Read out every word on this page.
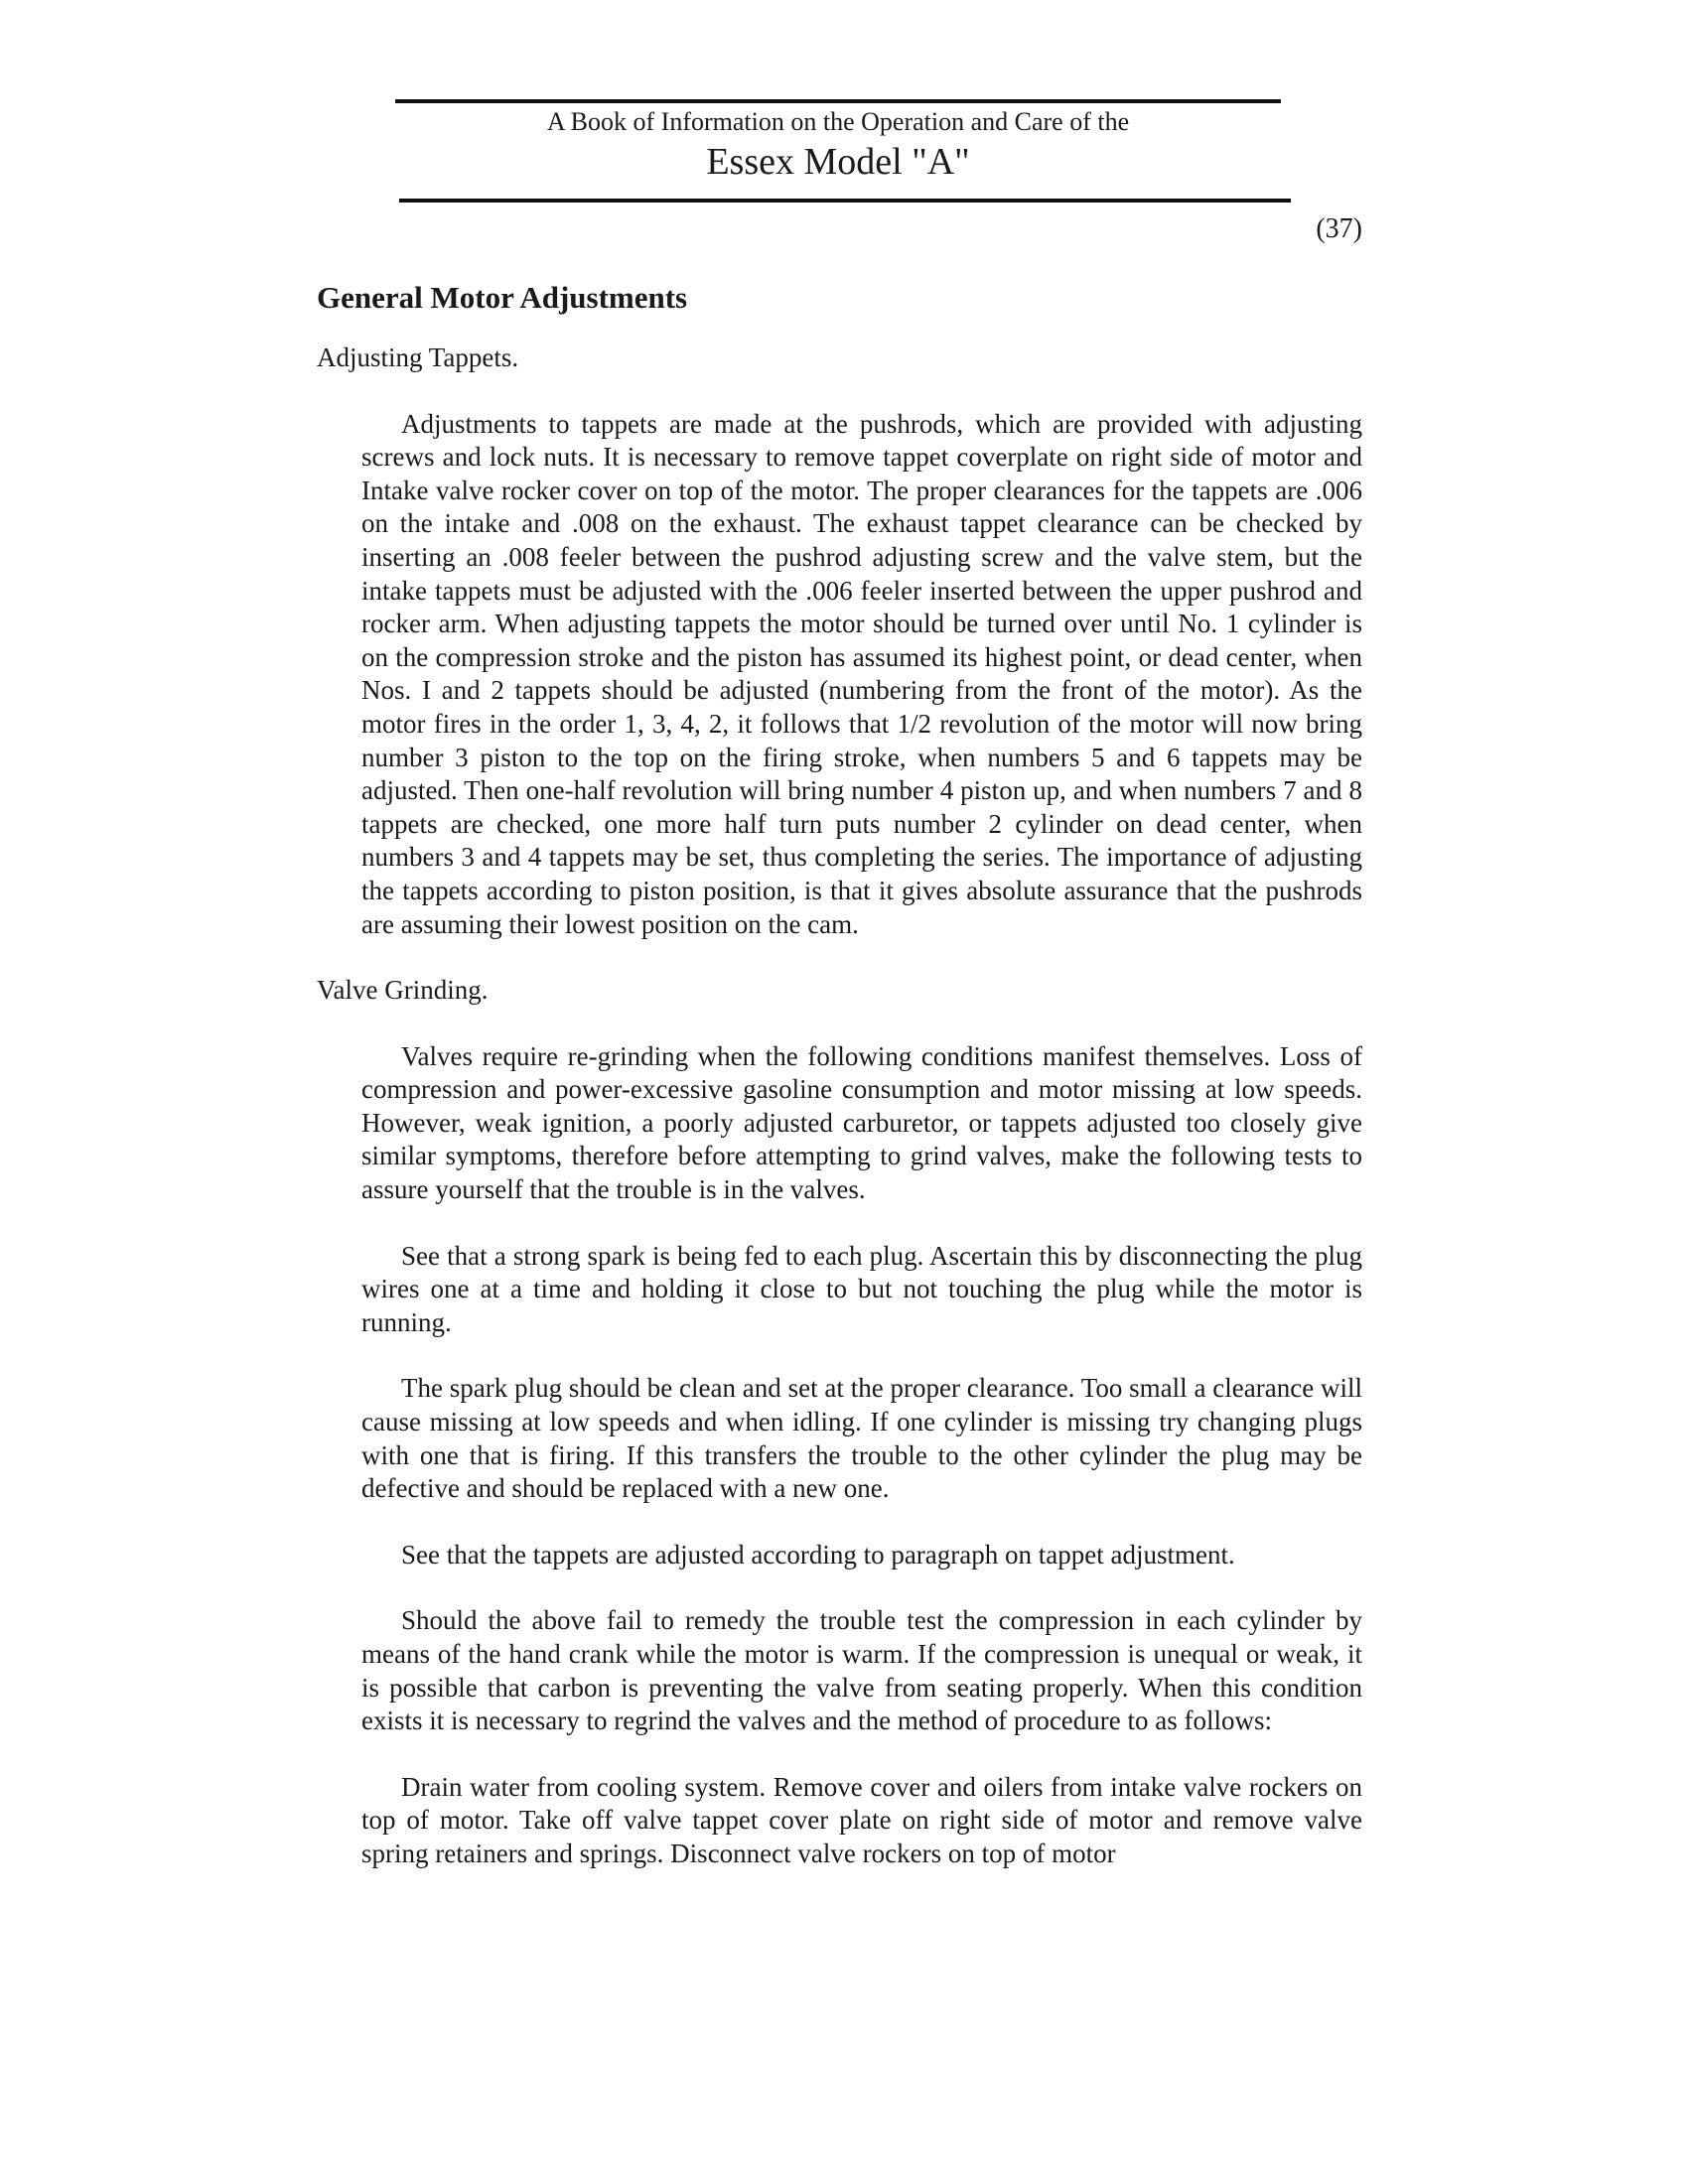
A Book of Information on the Operation and Care of the
Essex Model "A"
(37)
General Motor Adjustments
Adjusting Tappets.

Adjustments to tappets are made at the pushrods, which are provided with adjusting screws and lock nuts. It is necessary to remove tappet coverplate on right side of motor and Intake valve rocker cover on top of the motor. The proper clearances for the tappets are .006 on the intake and .008 on the exhaust. The exhaust tappet clearance can be checked by inserting an .008 feeler between the pushrod adjusting screw and the valve stem, but the intake tappets must be adjusted with the .006 feeler inserted between the upper pushrod and rocker arm. When adjusting tappets the motor should be turned over until No. 1 cylinder is on the compression stroke and the piston has assumed its highest point, or dead center, when Nos. I and 2 tappets should be adjusted (numbering from the front of the motor). As the motor fires in the order 1, 3, 4, 2, it follows that 1/2 revolution of the motor will now bring number 3 piston to the top on the firing stroke, when numbers 5 and 6 tappets may be adjusted. Then one-half revolution will bring number 4 piston up, and when numbers 7 and 8 tappets are checked, one more half turn puts number 2 cylinder on dead center, when numbers 3 and 4 tappets may be set, thus completing the series. The importance of adjusting the tappets according to piston position, is that it gives absolute assurance that the pushrods are assuming their lowest position on the cam.

Valve Grinding.

Valves require re-grinding when the following conditions manifest themselves. Loss of compression and power-excessive gasoline consumption and motor missing at low speeds. However, weak ignition, a poorly adjusted carburetor, or tappets adjusted too closely give similar symptoms, therefore before attempting to grind valves, make the following tests to assure yourself that the trouble is in the valves.

See that a strong spark is being fed to each plug. Ascertain this by disconnecting the plug wires one at a time and holding it close to but not touching the plug while the motor is running.

The spark plug should be clean and set at the proper clearance. Too small a clearance will cause missing at low speeds and when idling. If one cylinder is missing try changing plugs with one that is firing. If this transfers the trouble to the other cylinder the plug may be defective and should be replaced with a new one.

See that the tappets are adjusted according to paragraph on tappet adjustment.

Should the above fail to remedy the trouble test the compression in each cylinder by means of the hand crank while the motor is warm. If the compression is unequal or weak, it is possible that carbon is preventing the valve from seating properly. When this condition exists it is necessary to regrind the valves and the method of procedure to as follows:

Drain water from cooling system. Remove cover and oilers from intake valve rockers on top of motor. Take off valve tappet cover plate on right side of motor and remove valve spring retainers and springs. Disconnect valve rockers on top of motor
